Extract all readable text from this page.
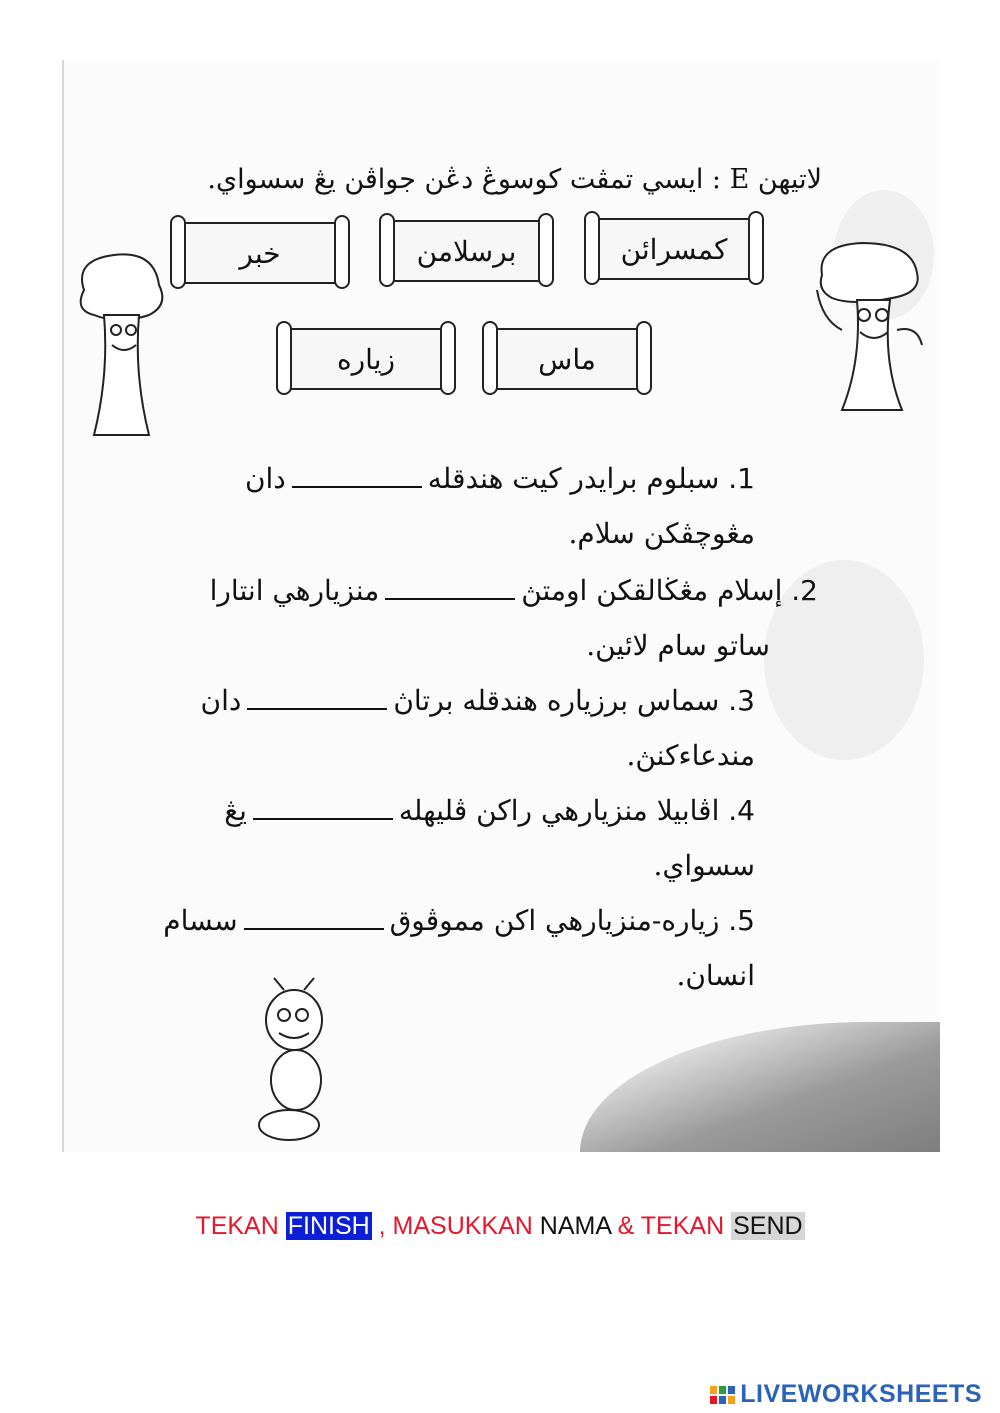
لاتيهن E : ايسي تمڤت كوسوڠ دڠن جواڤن يڠ سسواي.
كمسرائن
برسلامن
خبر
ماس
زياره
1. سبلوم برايدر كيت هندقلهدان
مڠوچڤكن سلام.
2. إسلام مڠڬالقكن اومتڽمنزيارهي انتارا
ساتو سام لائين.
3. سماس برزياره هندقله برتاڽدان
مندعاءكنڽ.
4. اڤابيلا منزيارهي راكن ڤليهلهيڠ
سسواي.
5. زياره-منزيارهي اكن مموڤوقسسام
انسان.
TEKAN FINISH , MASUKKAN NAMA & TEKAN SEND
LIVEWORKSHEETS
